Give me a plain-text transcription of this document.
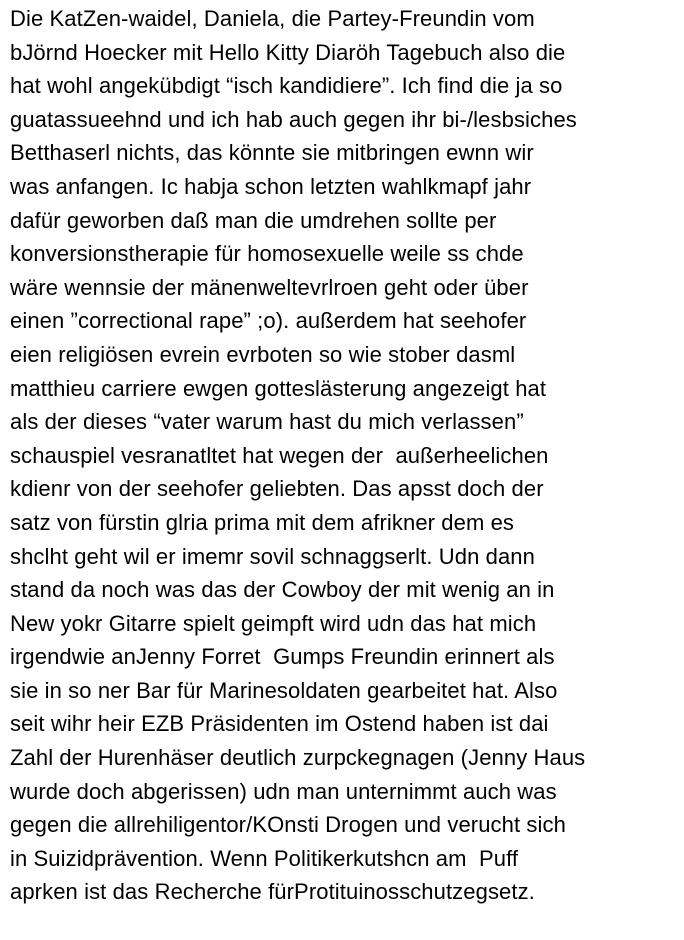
Die KatZen-waidel, Daniela, die Partey-Freundin vom
bJörnd Hoecker mit Hello Kitty Diaröh Tagebuch also die
hat wohl angekübdigt “isch kandidiere”. Ich find die ja so
guatassueehnd und ich hab auch gegen ihr bi-/lesbsiches
Betthaserl nichts, das könnte sie mitbringen ewnn wir
was anfangen. Ic habja schon letzten wahlkmapf jahr
dafür geworben daß man die umdrehen sollte per
konversionstherapie für homosexuelle weile ss chde
wäre wennsie der mänenweltevrlroen geht oder über
einen ”correctional rape” ;o). außerdem hat seehofer
eien religiösen evrein evrboten so wie stober dasml
matthieu carriere ewgen gotteslästerung angezeigt hat
als der dieses “vater warum hast du mich verlassen”
schauspiel vesranatltet hat wegen der  außerheelichen
kdienr von der seehofer geliebten. Das apsst doch der
satz von fürstin glria prima mit dem afrikner dem es
shclht geht wil er imemr sovil schnaggserlt. Udn dann
stand da noch was das der Cowboy der mit wenig an in
New yokr Gitarre spielt geimpft wird udn das hat mich
irgendwie anJenny Forret  Gumps Freundin erinnert als
sie in so ner Bar für Marinesoldaten gearbeitet hat. Also
seit wihr heir EZB Präsidenten im Ostend haben ist dai
Zahl der Hurenhäser deutlich zurpckegnagen (Jenny Haus
wurde doch abgerissen) udn man unternimmt auch was
gegen die allrehiligentor/KOnsti Drogen und verucht sich
in Suizidprävention. Wenn Politikerkutshcn am  Puff
aprken ist das Recherche fürProtituinosschutzegsetz.
